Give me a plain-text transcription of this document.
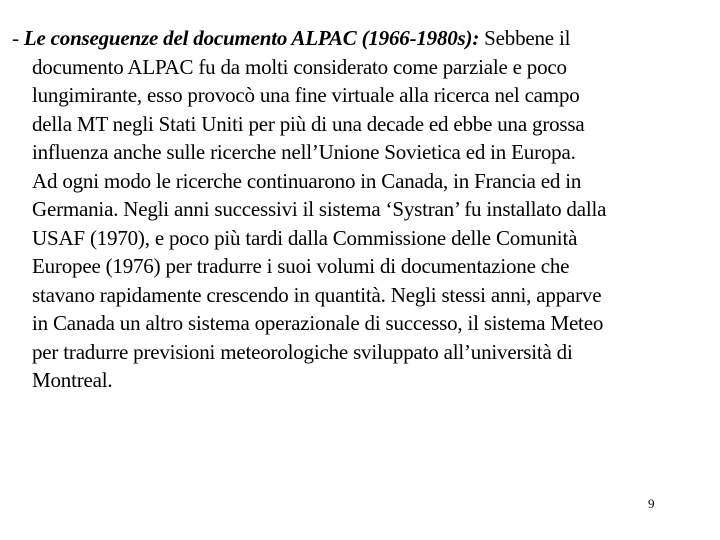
- Le conseguenze del documento ALPAC (1966-1980s): Sebbene il
documento ALPAC fu da molti considerato come parziale e poco
lungimirante, esso provocò una fine virtuale alla ricerca nel campo
della MT negli Stati Uniti per più di una decade ed ebbe una grossa
influenza anche sulle ricerche nell’Unione Sovietica ed in Europa.
Ad ogni modo le ricerche continuarono in Canada, in Francia ed in
Germania. Negli anni successivi il sistema ‘Systran’ fu installato dalla
USAF (1970), e poco più tardi dalla Commissione delle Comunità
Europee (1976) per tradurre i suoi volumi di documentazione che
stavano rapidamente crescendo in quantità. Negli stessi anni, apparve
in Canada un altro sistema operazionale di successo, il sistema Meteo
per tradurre previsioni meteorologiche sviluppato all’università di
Montreal.
9
